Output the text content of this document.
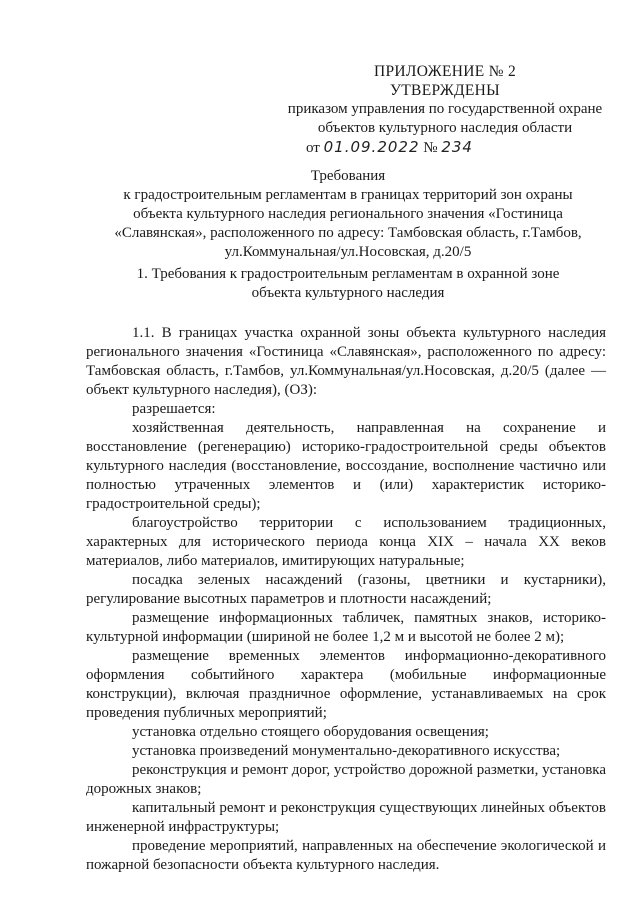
ПРИЛОЖЕНИЕ № 2
УТВЕРЖДЕНЫ
приказом управления по государственной охране
объектов культурного наследия области
от 01.09.2022 № 234
Требования
к градостроительным регламентам в границах территорий зон охраны
объекта культурного наследия регионального значения «Гостиница
«Славянская», расположенного по адресу: Тамбовская область, г.Тамбов,
ул.Коммунальная/ул.Носовская, д.20/5
1. Требования к градостроительным регламентам в охранной зоне
объекта культурного наследия
1.1. В границах участка охранной зоны объекта культурного наследия регионального значения «Гостиница «Славянская», расположенного по адресу: Тамбовская область, г.Тамбов, ул.Коммунальная/ул.Носовская, д.20/5 (далее — объект культурного наследия), (ОЗ):
разрешается:
хозяйственная деятельность, направленная на сохранение и восстановление (регенерацию) историко-градостроительной среды объектов культурного наследия (восстановление, воссоздание, восполнение частично или полностью утраченных элементов и (или) характеристик историко-градостроительной среды);
благоустройство территории с использованием традиционных, характерных для исторического периода конца XIX – начала XX веков материалов, либо материалов, имитирующих натуральные;
посадка зеленых насаждений (газоны, цветники и кустарники), регулирование высотных параметров и плотности насаждений;
размещение информационных табличек, памятных знаков, историко-культурной информации (шириной не более 1,2 м и высотой не более 2 м);
размещение временных элементов информационно-декоративного оформления событийного характера (мобильные информационные конструкции), включая праздничное оформление, устанавливаемых на срок проведения публичных мероприятий;
установка отдельно стоящего оборудования освещения;
установка произведений монументально-декоративного искусства;
реконструкция и ремонт дорог, устройство дорожной разметки, установка дорожных знаков;
капитальный ремонт и реконструкция существующих линейных объектов инженерной инфраструктуры;
проведение мероприятий, направленных на обеспечение экологической и пожарной безопасности объекта культурного наследия.
